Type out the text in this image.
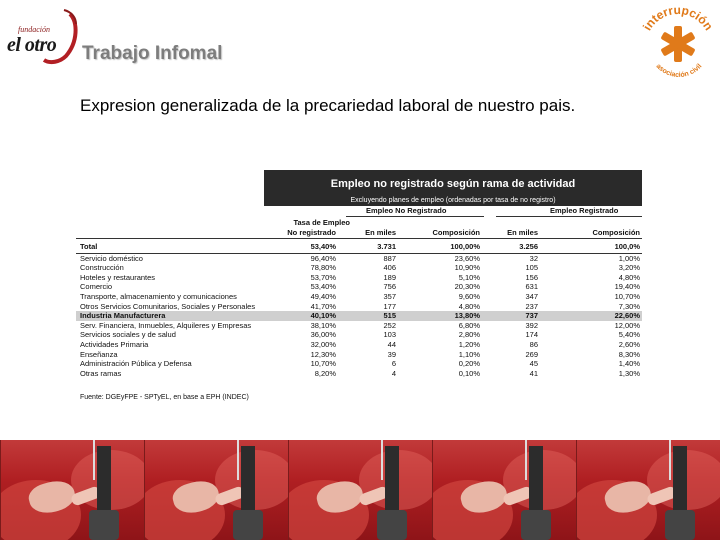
fundación
el otro Trabajo Infomal
Expresion generalizada de la precariedad laboral de nuestro pais.
interrupción
asociación civil
Empleo no registrado según rama de actividad
Excluyendo planes de empleo (ordenadas por tasa de no registro)
Empleo No Registrado	Empleo Registrado
Tasa de Empleo
No registrado	En miles	Composición	En miles	Composición
Total	53,40%	3.731	100,00%	3.256	100,0%
Servicio doméstico	96,40%	887	23,60%	32	1,00%
Construcción	78,80%	406	10,90%	105	3,20%
Hoteles y restaurantes	53,70%	189	5,10%	156	4,80%
Comercio	53,40%	756	20,30%	631	19,40%
Transporte, almacenamiento y comunicaciones	49,40%	357	9,60%	347	10,70%
Otros Servicios Comunitarios, Sociales y Personales	41,70%	177	4,80%	237	7,30%
Industria Manufacturera	40,10%	515	13,80%	737	22,60%
Serv. Financiera, Inmuebles, Alquileres y Empresas	38,10%	252	6,80%	392	12,00%
Servicios sociales y de salud	36,00%	103	2,80%	174	5,40%
Actividades Primaria	32,00%	44	1,20%	86	2,60%
Enseñanza	12,30%	39	1,10%	269	8,30%
Administración Pública y Defensa	10,70%	6	0,20%	45	1,40%
Otras ramas	8,20%	4	0,10%	41	1,30%
Fuente: DGEyFPE - SPTyEL, en base a EPH (INDEC)
